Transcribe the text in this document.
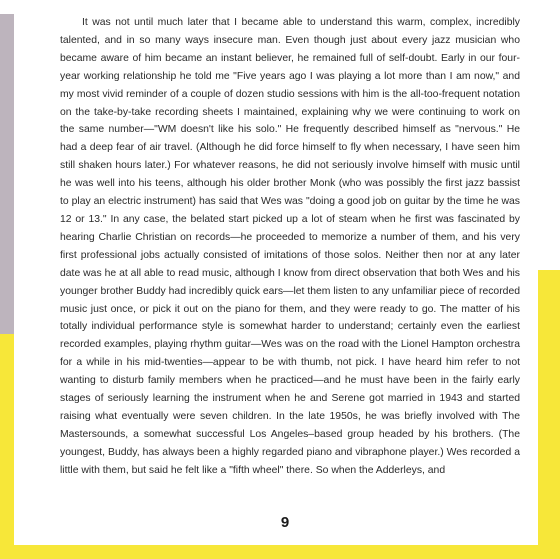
It was not until much later that I became able to understand this warm, complex, incredibly talented, and in so many ways insecure man. Even though just about every jazz musician who became aware of him became an instant believer, he remained full of self-doubt. Early in our four-year working relationship he told me "Five years ago I was playing a lot more than I am now," and my most vivid reminder of a couple of dozen studio sessions with him is the all-too-frequent notation on the take-by-take recording sheets I maintained, explaining why we were continuing to work on the same number—"WM doesn't like his solo." He frequently described himself as "nervous." He had a deep fear of air travel. (Although he did force himself to fly when necessary, I have seen him still shaken hours later.) For whatever reasons, he did not seriously involve himself with music until he was well into his teens, although his older brother Monk (who was possibly the first jazz bassist to play an electric instrument) has said that Wes was "doing a good job on guitar by the time he was 12 or 13." In any case, the belated start picked up a lot of steam when he first was fascinated by hearing Charlie Christian on records—he proceeded to memorize a number of them, and his very first professional jobs actually consisted of imitations of those solos. Neither then nor at any later date was he at all able to read music, although I know from direct observation that both Wes and his younger brother Buddy had incredibly quick ears—let them listen to any unfamiliar piece of recorded music just once, or pick it out on the piano for them, and they were ready to go. The matter of his totally individual performance style is somewhat harder to understand; certainly even the earliest recorded examples, playing rhythm guitar—Wes was on the road with the Lionel Hampton orchestra for a while in his mid-twenties—appear to be with thumb, not pick. I have heard him refer to not wanting to disturb family members when he practiced—and he must have been in the fairly early stages of seriously learning the instrument when he and Serene got married in 1943 and started raising what eventually were seven children. In the late 1950s, he was briefly involved with The Mastersounds, a somewhat successful Los Angeles–based group headed by his brothers. (The youngest, Buddy, has always been a highly regarded piano and vibraphone player.) Wes recorded a little with them, but said he felt like a "fifth wheel" there. So when the Adderleys, and

9
